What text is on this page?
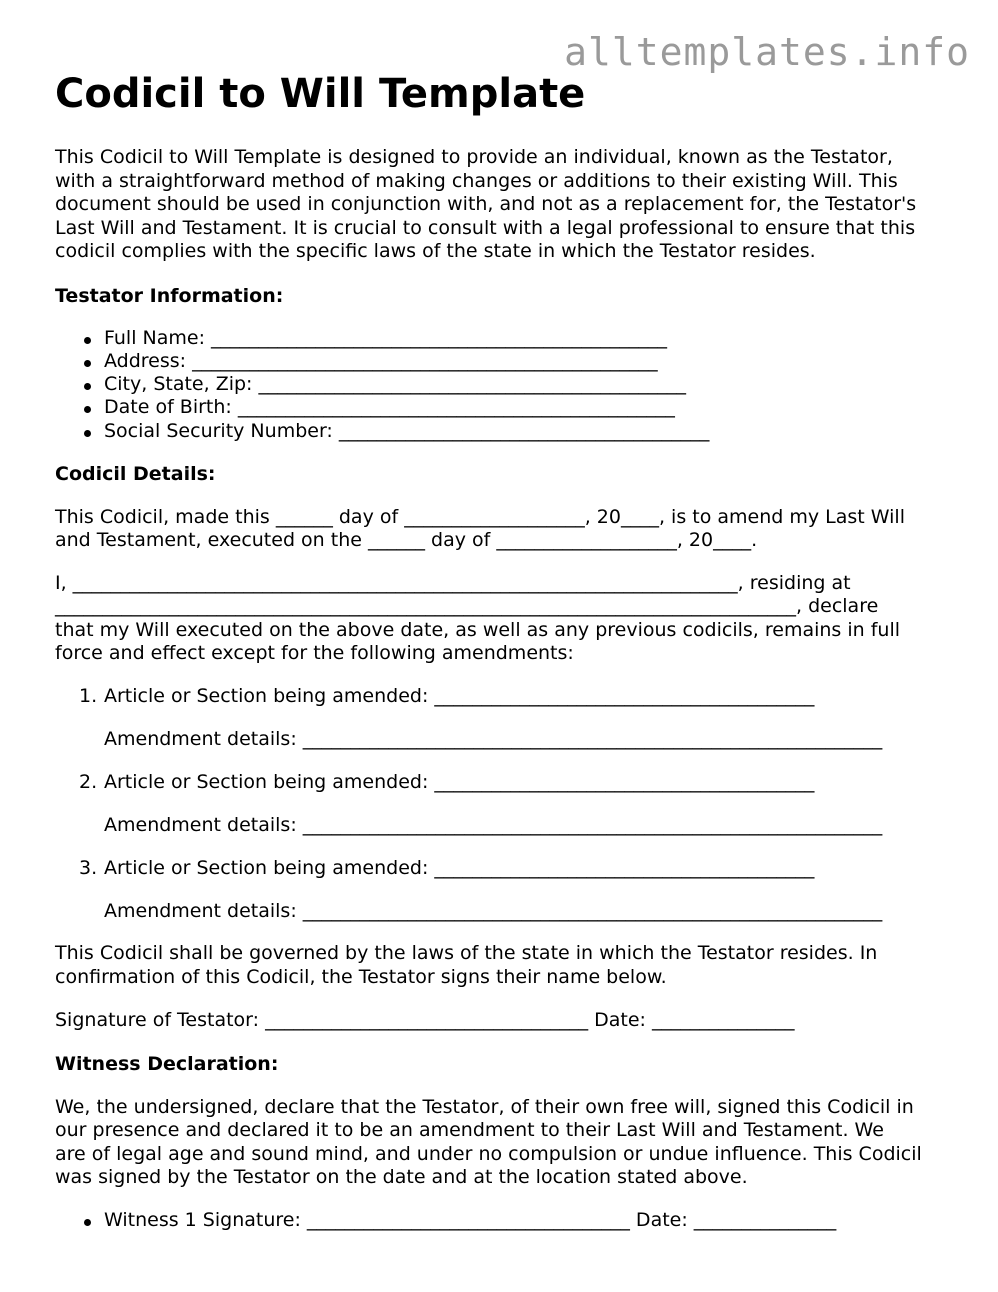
alltemplates.info
Codicil to Will Template

This Codicil to Will Template is designed to provide an individual, known as the Testator,

with a straightforward method of making changes or additions to their existing Will. This

document should be used in conjunction with, and not as a replacement for, the Testator's

Last Will and Testament. It is crucial to consult with a legal professional to ensure that this

codicil complies with the specific laws of the state in which the Testator resides.

Testator Information:
Full Name: ________________________________________________
Address: _________________________________________________
City, State, Zip: _____________________________________________
Date of Birth: ______________________________________________
Social Security Number: _______________________________________
Codicil Details:

This Codicil, made this ______ day of ___________________, 20____, is to amend my Last Will

and Testament, executed on the ______ day of ___________________, 20____.

I, ______________________________________________________________________, residing at

______________________________________________________________________________, declare

that my Will executed on the above date, as well as any previous codicils, remains in full

force and effect except for the following amendments:

1. Article or Section being amended: ________________________________________

Amendment details: _____________________________________________________________

2. Article or Section being amended: ________________________________________

Amendment details: _____________________________________________________________

3. Article or Section being amended: ________________________________________

Amendment details: _____________________________________________________________

This Codicil shall be governed by the laws of the state in which the Testator resides. In

confirmation of this Codicil, the Testator signs their name below.

Signature of Testator: __________________________________ Date: _______________

Witness Declaration:

We, the undersigned, declare that the Testator, of their own free will, signed this Codicil in

our presence and declared it to be an amendment to their Last Will and Testament. We

are of legal age and sound mind, and under no compulsion or undue influence. This Codicil

was signed by the Testator on the date and at the location stated above.

Witness 1 Signature: __________________________________ Date: _______________
